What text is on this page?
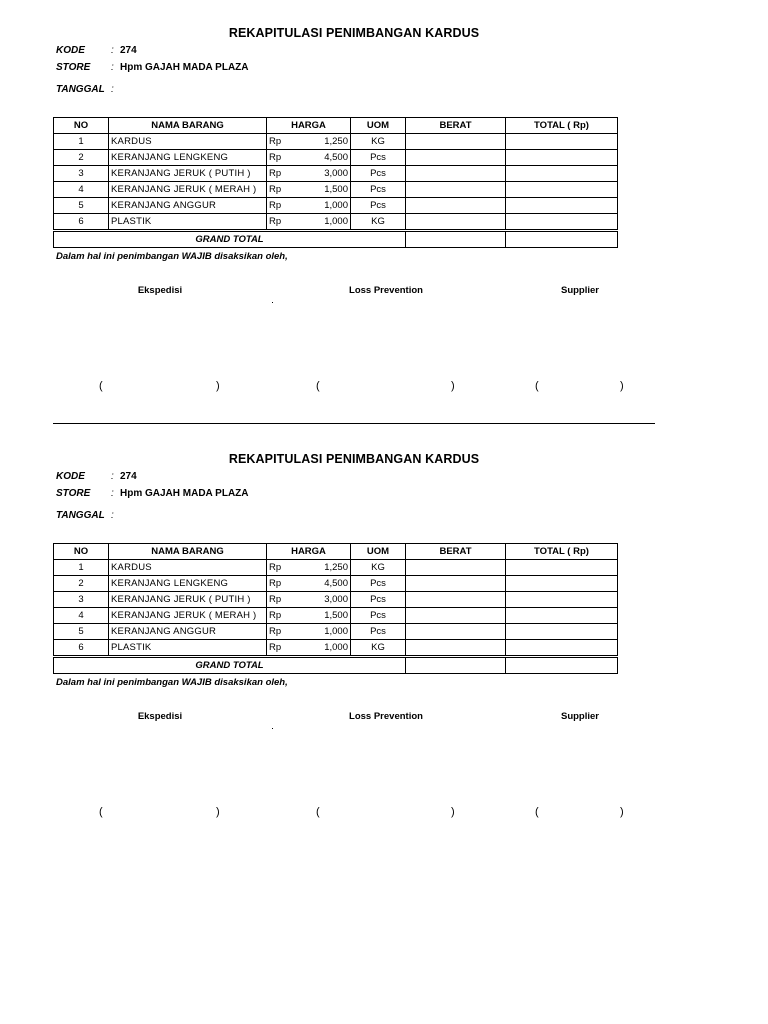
REKAPITULASI PENIMBANGAN KARDUS
KODE	: 274
STORE : Hpm GAJAH MADA PLAZA
TANGGAL :
NO	NAMA BARANG	HARGA	UOM	BERAT	TOTAL ( Rp)
1	KARDUS	Rp 1,250	KG		
2	KERANJANG LENGKENG	Rp 4,500	Pcs		
3	KERANJANG JERUK ( PUTIH )	Rp 3,000	Pcs		
4	KERANJANG JERUK ( MERAH )	Rp 1,500	Pcs		
5	KERANJANG ANGGUR	Rp 1,000	Pcs		
6	PLASTIK	Rp 1,000	KG		
GRAND TOTAL					
Dalam hal ini penimbangan WAJIB disaksikan oleh,
Ekspedisi	Loss Prevention	Supplier
(	)	(	)	(	)
REKAPITULASI PENIMBANGAN KARDUS
KODE	: 274
STORE : Hpm GAJAH MADA PLAZA
TANGGAL :
NO	NAMA BARANG	HARGA	UOM	BERAT	TOTAL ( Rp)
1	KARDUS	Rp 1,250	KG		
2	KERANJANG LENGKENG	Rp 4,500	Pcs		
3	KERANJANG JERUK ( PUTIH )	Rp 3,000	Pcs		
4	KERANJANG JERUK ( MERAH )	Rp 1,500	Pcs		
5	KERANJANG ANGGUR	Rp 1,000	Pcs		
6	PLASTIK	Rp 1,000	KG		
GRAND TOTAL					
Dalam hal ini penimbangan WAJIB disaksikan oleh,
Ekspedisi	Loss Prevention	Supplier
(	)	(	)	(	)
